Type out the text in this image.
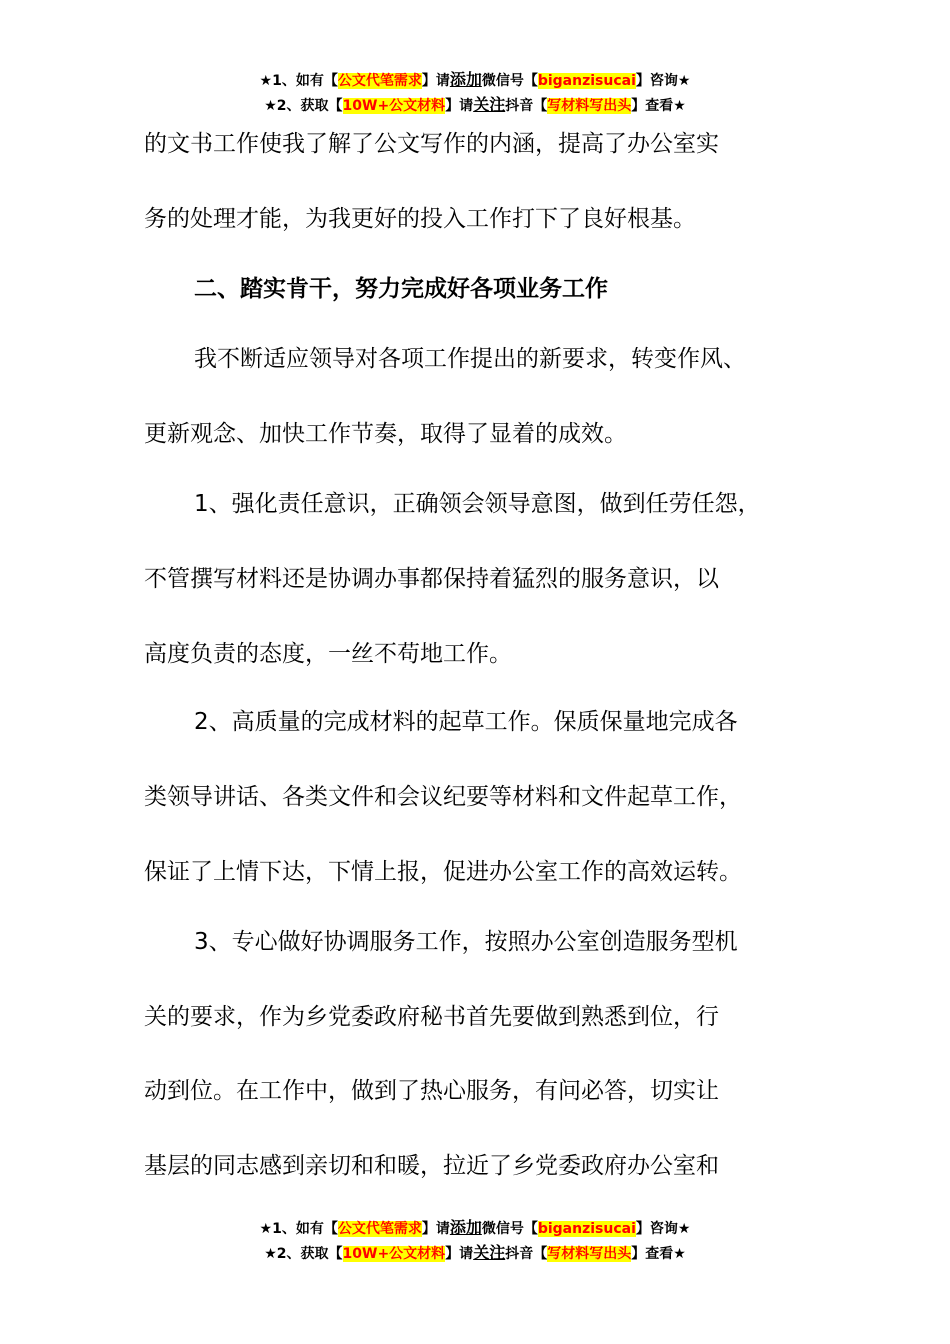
★1、如有【公文代笔需求】请添加微信号【biganzisucai】咨询★
★2、获取【10W+公文材料】请关注抖音【写材料写出头】查看★
的文书工作使我了解了公文写作的内涵，提高了办公室实
务的处理才能，为我更好的投入工作打下了良好根基。
二、踏实肯干，努力完成好各项业务工作
我不断适应领导对各项工作提出的新要求，转变作风、
更新观念、加快工作节奏，取得了显着的成效。
1、强化责任意识，正确领会领导意图，做到任劳任怨，
不管撰写材料还是协调办事都保持着猛烈的服务意识，以
高度负责的态度，一丝不苟地工作。
2、高质量的完成材料的起草工作。保质保量地完成各
类领导讲话、各类文件和会议纪要等材料和文件起草工作，
保证了上情下达，下情上报，促进办公室工作的高效运转。
3、专心做好协调服务工作，按照办公室创造服务型机
关的要求，作为乡党委政府秘书首先要做到熟悉到位，行
动到位。在工作中，做到了热心服务，有问必答，切实让
基层的同志感到亲切和和暖，拉近了乡党委政府办公室和
★1、如有【公文代笔需求】请添加微信号【biganzisucai】咨询★
★2、获取【10W+公文材料】请关注抖音【写材料写出头】查看★
